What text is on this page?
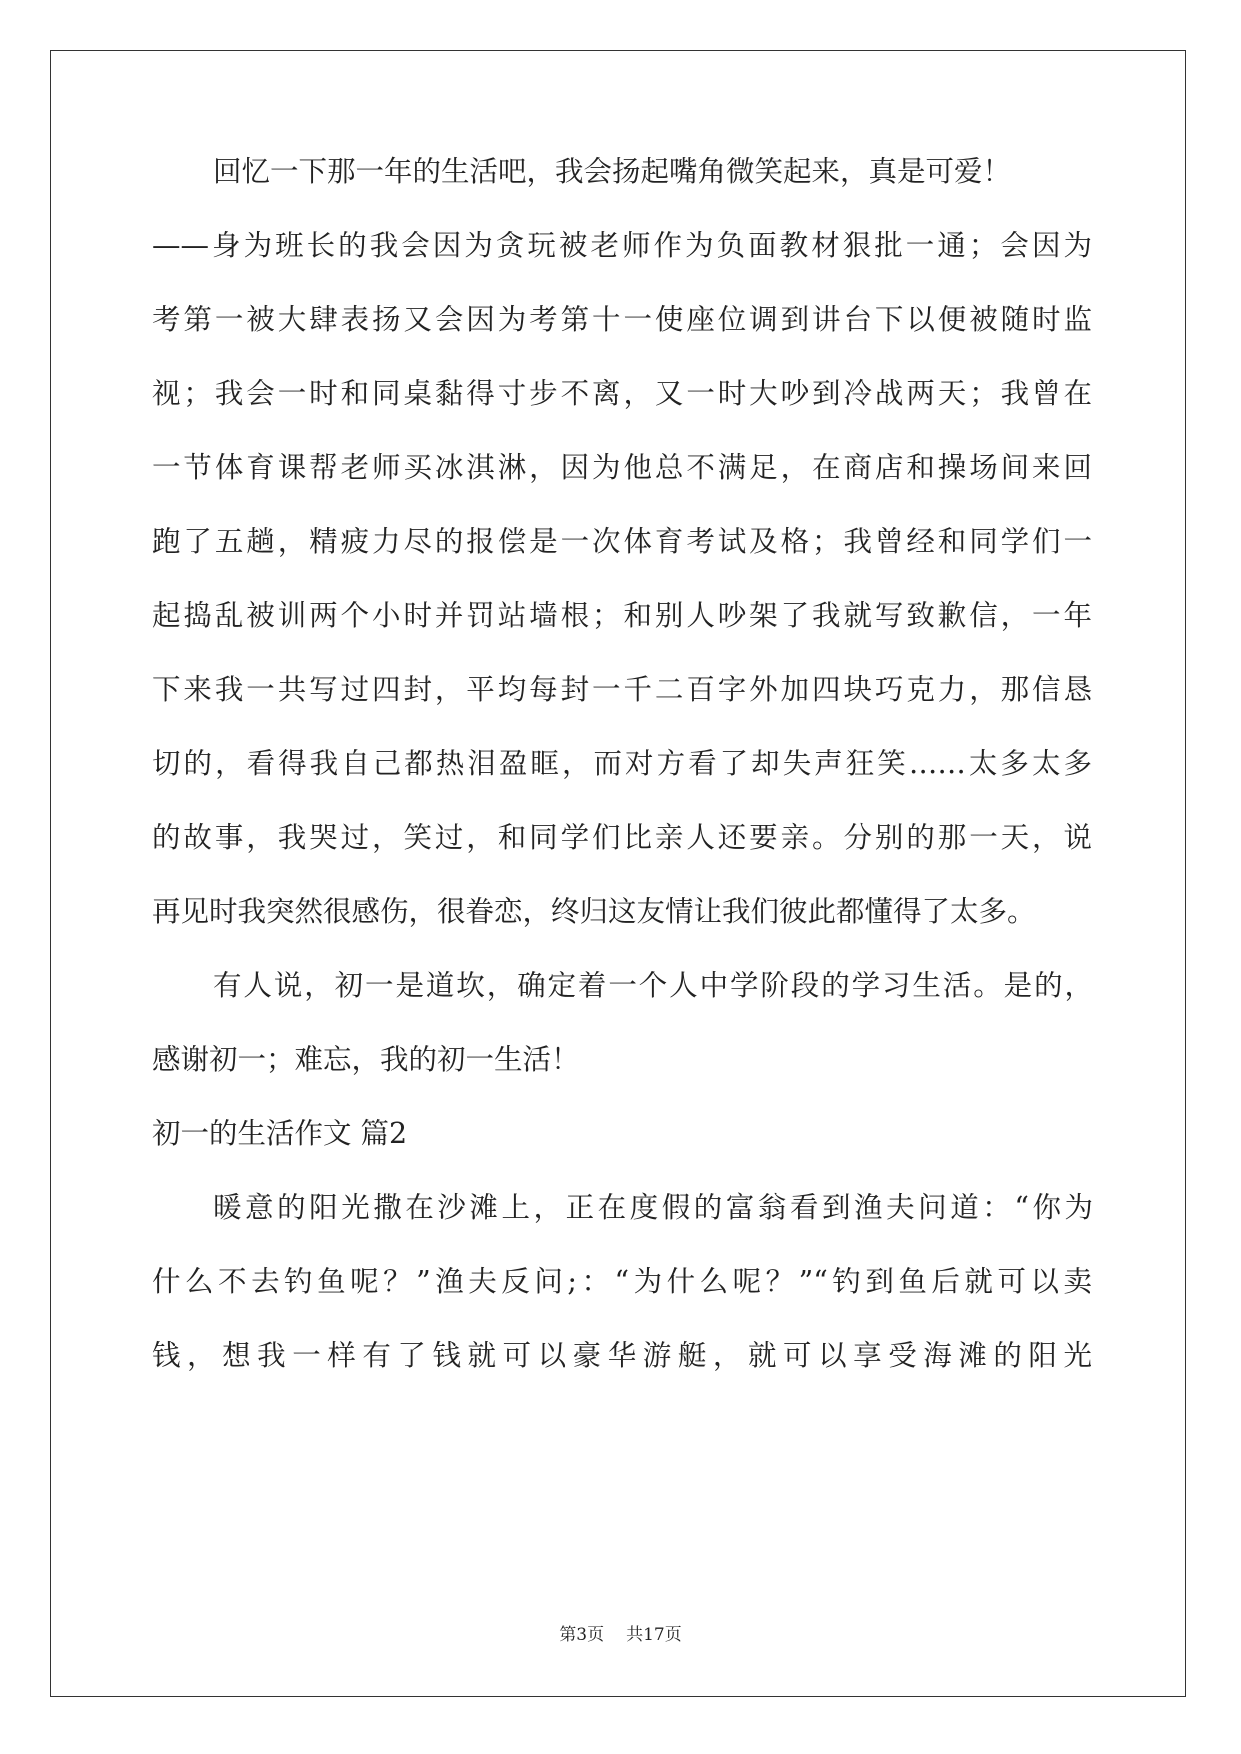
回忆一下那一年的生活吧，我会扬起嘴角微笑起来，真是可爱！
——身为班长的我会因为贪玩被老师作为负面教材狠批一通；会因为
考第一被大肆表扬又会因为考第十一使座位调到讲台下以便被随时监
视；我会一时和同桌黏得寸步不离，又一时大吵到冷战两天；我曾在
一节体育课帮老师买冰淇淋，因为他总不满足，在商店和操场间来回
跑了五趟，精疲力尽的报偿是一次体育考试及格；我曾经和同学们一
起捣乱被训两个小时并罚站墙根；和别人吵架了我就写致歉信，一年
下来我一共写过四封，平均每封一千二百字外加四块巧克力，那信恳
切的，看得我自己都热泪盈眶，而对方看了却失声狂笑……太多太多
的故事，我哭过，笑过，和同学们比亲人还要亲。分别的那一天，说
再见时我突然很感伤，很眷恋，终归这友情让我们彼此都懂得了太多。
有人说，初一是道坎，确定着一个人中学阶段的学习生活。是的，
感谢初一；难忘，我的初一生活！
初一的生活作文 篇2
暖意的阳光撒在沙滩上，正在度假的富翁看到渔夫问道：“你为
什么不去钓鱼呢？”渔夫反问;：“为什么呢？”“钓到鱼后就可以卖
钱，想我一样有了钱就可以豪华游艇，就可以享受海滩的阳光
第3页 共17页
